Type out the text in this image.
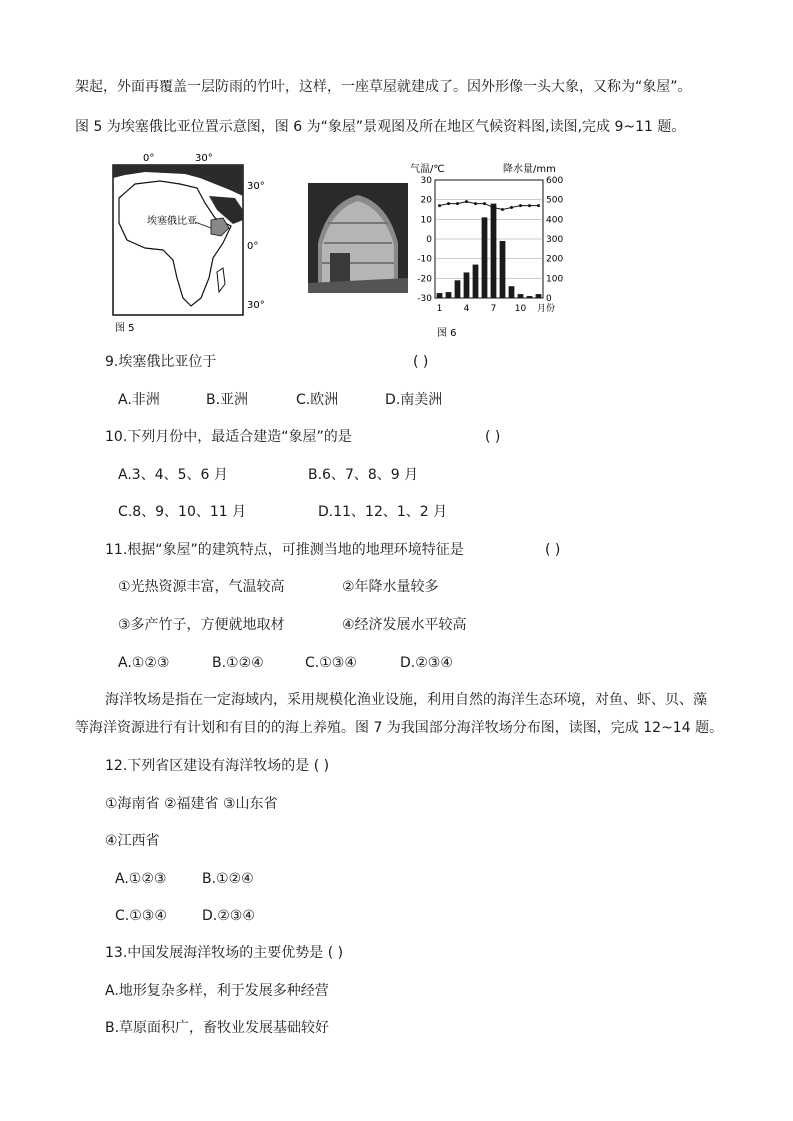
架起，外面再覆盖一层防雨的竹叶，这样，一座草屋就建成了。因外形像一头大象，又称为“象屋”。
图 5 为埃塞俄比亚位置示意图，图 6 为“象屋”景观图及所在地区气候资料图,读图,完成 9~11 题。
0°	30°
埃塞俄比亚
30°
0°
30°
图 5
气温/℃	降水量/mm
30
20
10
0
-10
-20
-30
600
500
400
300
200
100
0
1 4 7 10 月份
图 6
9.埃塞俄比亚位于	( )
A.非洲	B.亚洲	C.欧洲	D.南美洲
10.下列月份中，最适合建造“象屋”的是	( )
A.3、4、5、6 月	B.6、7、8、9 月
C.8、9、10、11 月	D.11、12、1、2 月
11.根据“象屋”的建筑特点，可推测当地的地理环境特征是	( )
①光热资源丰富，气温较高	②年降水量较多
③多产竹子，方便就地取材	④经济发展水平较高
A.①②③	B.①②④	C.①③④	D.②③④
海洋牧场是指在一定海域内，采用规模化渔业设施，利用自然的海洋生态环境，对鱼、虾、贝、藻
等海洋资源进行有计划和有目的的海上养殖。图 7 为我国部分海洋牧场分布图，读图，完成 12~14 题。
12.下列省区建设有海洋牧场的是 ( )
①海南省 ②福建省 ③山东省
④江西省
A.①②③	B.①②④
C.①③④	D.②③④
13.中国发展海洋牧场的主要优势是 ( )
A.地形复杂多样，利于发展多种经营
B.草原面积广，畜牧业发展基础较好
